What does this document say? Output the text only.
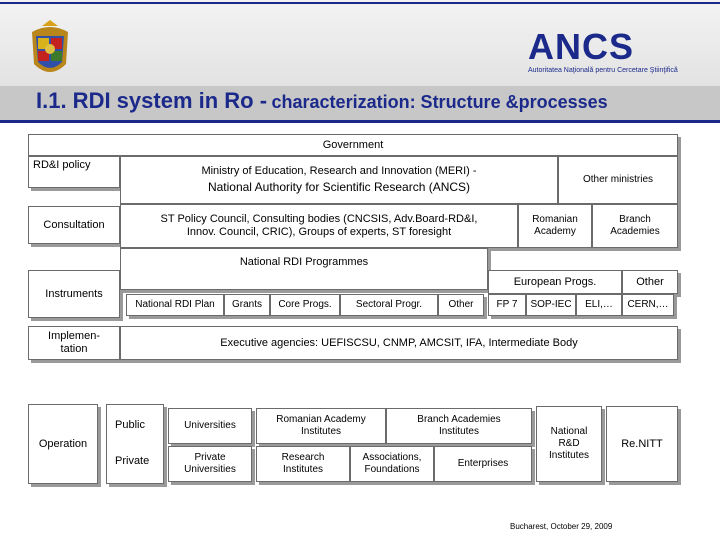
ANCS
Autoritatea Naţională pentru Cercetare Ştiinţifică
I.1. RDI system in Ro - characterization: Structure &processes
Government
RD&I policy
Consultation
Instruments
Implemen-
tation
Operation
Ministry of Education, Research and Innovation (MERI) -
National Authority for Scientific Research (ANCS)
Other ministries
ST Policy Council, Consulting bodies (CNCSIS, Adv.Board-RD&I,
Innov. Council, CRIC), Groups of experts, ST foresight
Romanian
Academy
Branch
Academies
National RDI Programmes
European Progs.	Other
National RDI Plan Grants Core Progs. Sectoral Progr.	Other FP 7 SOP-IEC ELI,… CERN,…
Executive agencies: UEFISCSU, CNMP, AMCSIT, IFA, Intermediate Body
Public
Private
Universities
Private
Universities
Romanian Academy
Institutes
Branch Academies
Institutes
Research
Institutes
Associations,
Foundations
Enterprises
National
R&D
Institutes
Re.NITT
Bucharest, October 29, 2009
